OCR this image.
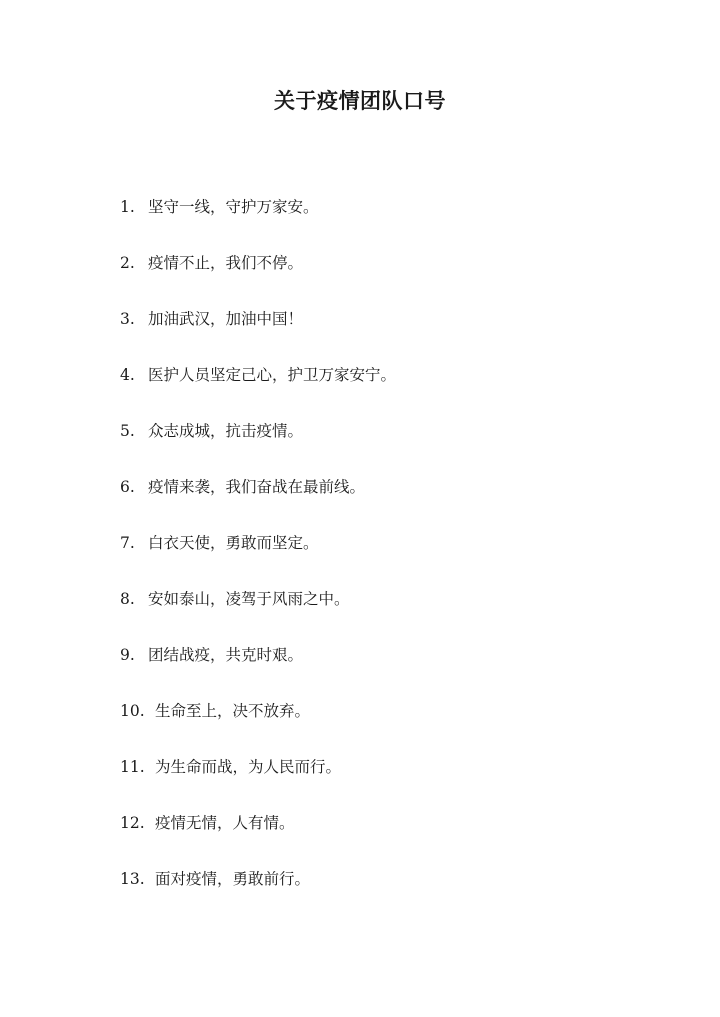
关于疫情团队口号
1. 坚守一线，守护万家安。
2. 疫情不止，我们不停。
3. 加油武汉，加油中国！
4. 医护人员坚定己心，护卫万家安宁。
5. 众志成城，抗击疫情。
6. 疫情来袭，我们奋战在最前线。
7. 白衣天使，勇敢而坚定。
8. 安如泰山，凌驾于风雨之中。
9. 团结战疫，共克时艰。
10. 生命至上，决不放弃。
11. 为生命而战，为人民而行。
12. 疫情无情，人有情。
13. 面对疫情，勇敢前行。
